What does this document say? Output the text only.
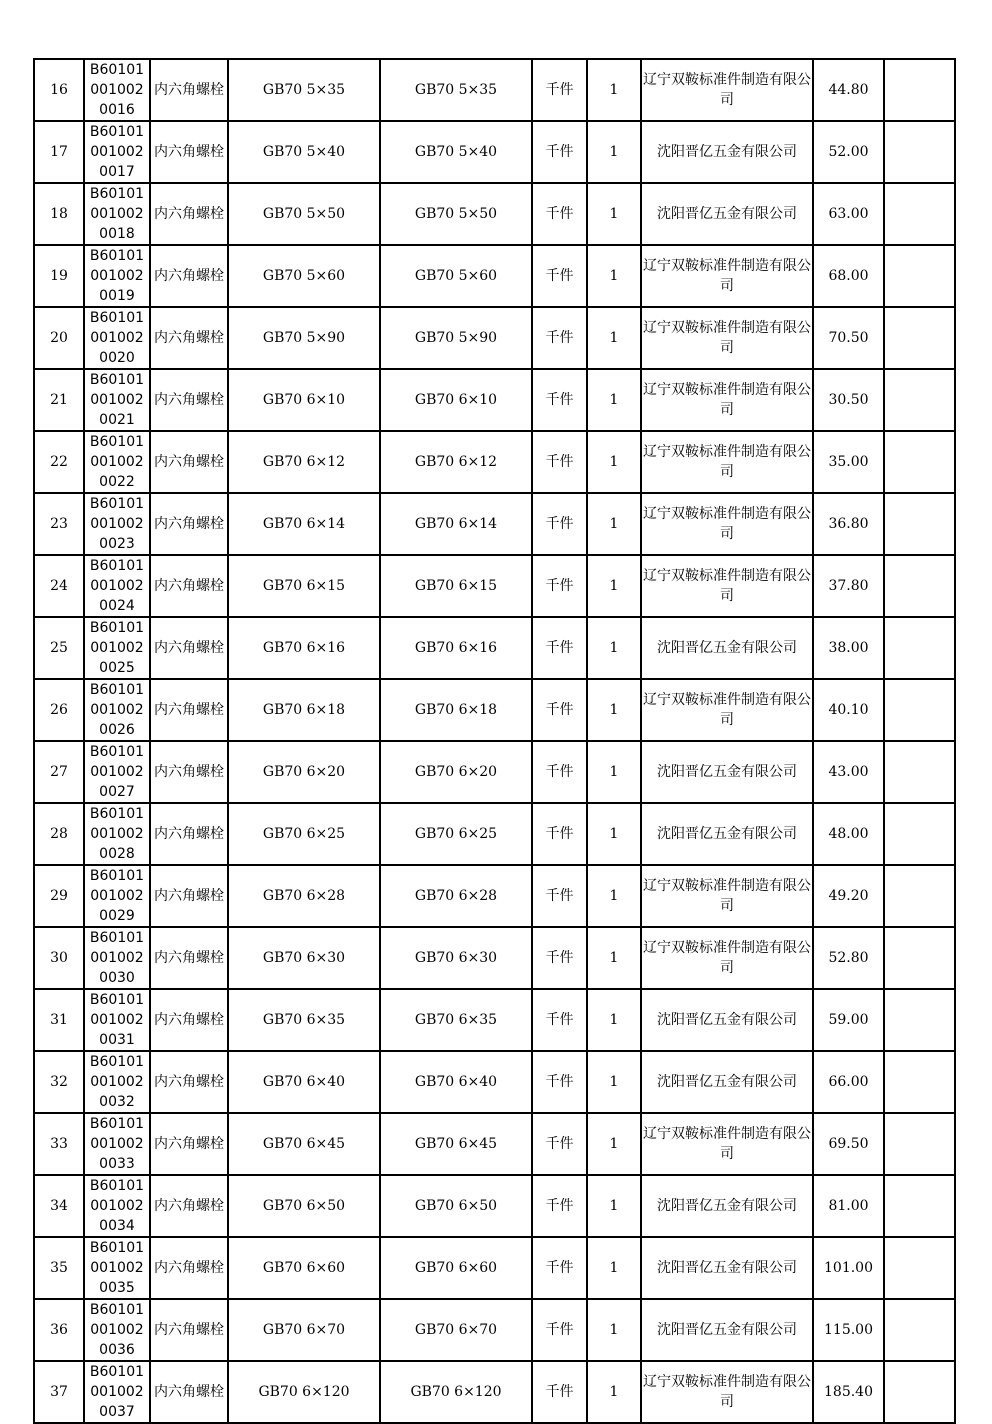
16	B601010010020016	内六角螺栓	GB70 5×35	GB70 5×35	千件	1	辽宁双鞍标准件制造有限公司	44.80	
17	B601010010020017	内六角螺栓	GB70 5×40	GB70 5×40	千件	1	沈阳晋亿五金有限公司	52.00	
18	B601010010020018	内六角螺栓	GB70 5×50	GB70 5×50	千件	1	沈阳晋亿五金有限公司	63.00	
19	B601010010020019	内六角螺栓	GB70 5×60	GB70 5×60	千件	1	辽宁双鞍标准件制造有限公司	68.00	
20	B601010010020020	内六角螺栓	GB70 5×90	GB70 5×90	千件	1	辽宁双鞍标准件制造有限公司	70.50	
21	B601010010020021	内六角螺栓	GB70 6×10	GB70 6×10	千件	1	辽宁双鞍标准件制造有限公司	30.50	
22	B601010010020022	内六角螺栓	GB70 6×12	GB70 6×12	千件	1	辽宁双鞍标准件制造有限公司	35.00	
23	B601010010020023	内六角螺栓	GB70 6×14	GB70 6×14	千件	1	辽宁双鞍标准件制造有限公司	36.80	
24	B601010010020024	内六角螺栓	GB70 6×15	GB70 6×15	千件	1	辽宁双鞍标准件制造有限公司	37.80	
25	B601010010020025	内六角螺栓	GB70 6×16	GB70 6×16	千件	1	沈阳晋亿五金有限公司	38.00	
26	B601010010020026	内六角螺栓	GB70 6×18	GB70 6×18	千件	1	辽宁双鞍标准件制造有限公司	40.10	
27	B601010010020027	内六角螺栓	GB70 6×20	GB70 6×20	千件	1	沈阳晋亿五金有限公司	43.00	
28	B601010010020028	内六角螺栓	GB70 6×25	GB70 6×25	千件	1	沈阳晋亿五金有限公司	48.00	
29	B601010010020029	内六角螺栓	GB70 6×28	GB70 6×28	千件	1	辽宁双鞍标准件制造有限公司	49.20	
30	B601010010020030	内六角螺栓	GB70 6×30	GB70 6×30	千件	1	辽宁双鞍标准件制造有限公司	52.80	
31	B601010010020031	内六角螺栓	GB70 6×35	GB70 6×35	千件	1	沈阳晋亿五金有限公司	59.00	
32	B601010010020032	内六角螺栓	GB70 6×40	GB70 6×40	千件	1	沈阳晋亿五金有限公司	66.00	
33	B601010010020033	内六角螺栓	GB70 6×45	GB70 6×45	千件	1	辽宁双鞍标准件制造有限公司	69.50	
34	B601010010020034	内六角螺栓	GB70 6×50	GB70 6×50	千件	1	沈阳晋亿五金有限公司	81.00	
35	B601010010020035	内六角螺栓	GB70 6×60	GB70 6×60	千件	1	沈阳晋亿五金有限公司	101.00	
36	B601010010020036	内六角螺栓	GB70 6×70	GB70 6×70	千件	1	沈阳晋亿五金有限公司	115.00	
37	B601010010020037	内六角螺栓	GB70 6×120	GB70 6×120	千件	1	辽宁双鞍标准件制造有限公司	185.40	
